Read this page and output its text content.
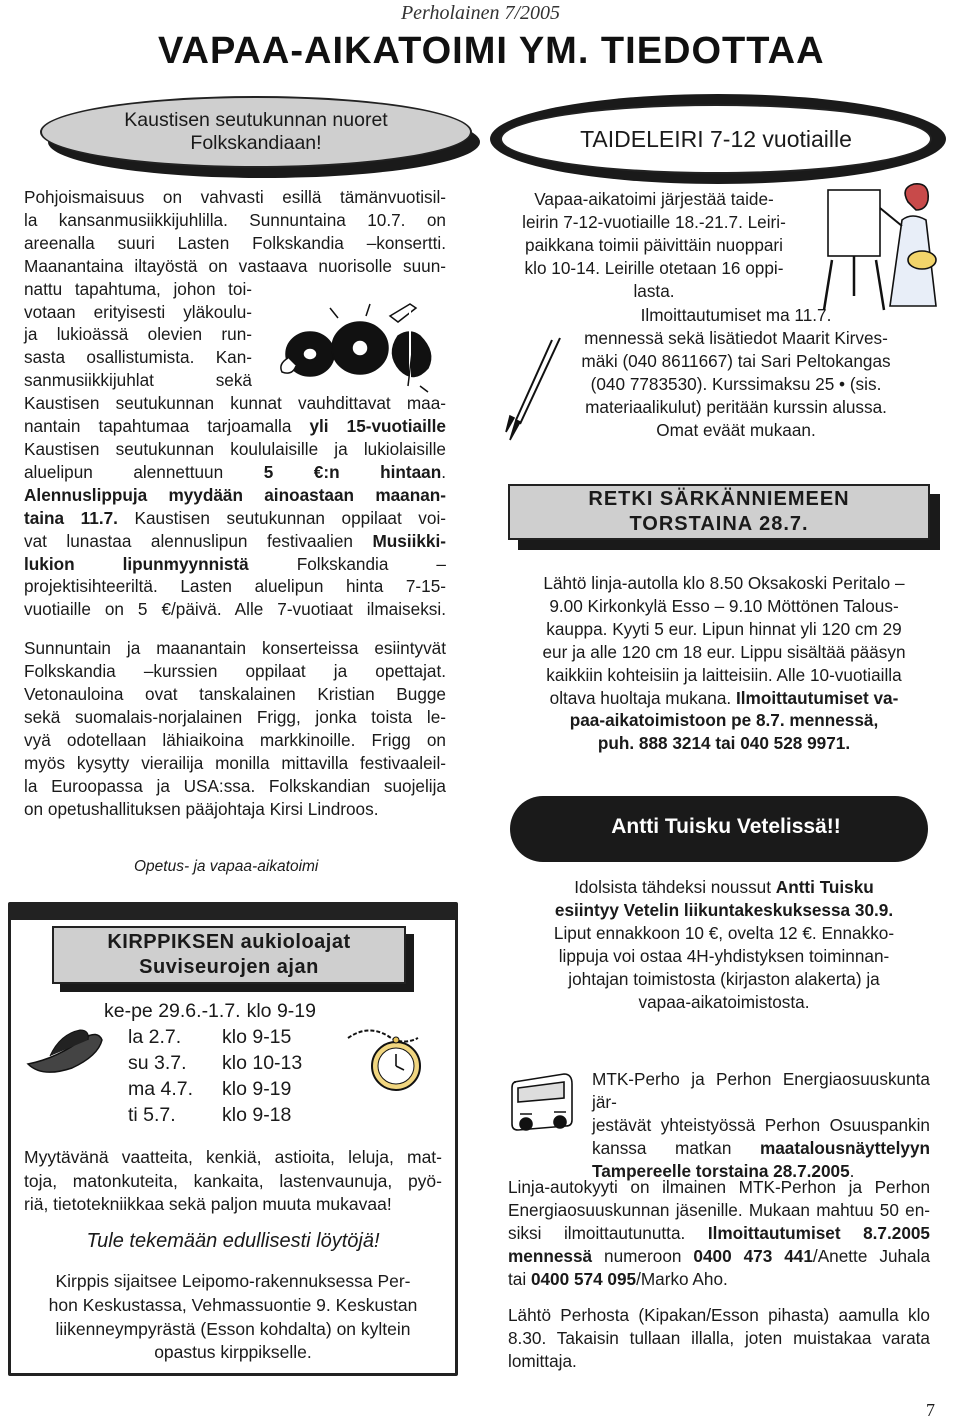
Perholainen 7/2005
VAPAA-AIKATOIMI YM. TIEDOTTAA
Kaustisen seutukunnan nuoret
Folkskandiaan!

Pohjoismaisuus on vahvasti esillä tämänvuotisil-

la kansanmusiikkijuhlilla. Sunnuntaina 10.7. on

areenalla suuri Lasten Folkskandia –konsertti.

Maanantaina iltayöstä on vastaava nuorisolle suun-

nattu tapahtuma, johon toi-

votaan erityisesti yläkoulu-

ja lukioässä olevien run-

sasta osallistumista. Kan-

sanmusiikkijuhlat sekä

Kaustisen seutukunnan kunnat vauhdittavat maa-

nantain tapahtumaa tarjoamalla yli 15-vuotiaille

Kaustisen seutukunnan koululaisille ja lukiolaisille

aluelipun alennettuun 5 €:n hintaan.

Alennuslippuja myydään ainoastaan maanan-

taina 11.7. Kaustisen seutukunnan oppilaat voi-

vat lunastaa alennuslipun festivaalien Musiikki-

lukion lipunmyynnistä Folkskandia –

projektisihteeriltä. Lasten aluelipun hinta 7-15-

vuotiaille on 5 €/päivä. Alle 7-vuotiaat ilmaiseksi.

Sunnuntain ja maanantain konserteissa esiintyvät

Folkskandia –kurssien oppilaat ja opettajat.

Vetonauloina ovat tanskalainen Kristian Bugge

sekä suomalais-norjalainen Frigg, jonka toista le-

vyä odotellaan lähiaikoina markkinoille. Frigg on

myös kysytty vierailija monilla mittavilla festivaaleil-

la Euroopassa ja USA:ssa. Folkskandian suojelija

on opetushallituksen pääjohtaja Kirsi Lindroos.

Opetus- ja vapaa-aikatoimi
KIRPPIKSEN aukioloajat
Suviseurojen ajan
ke-pe 29.6.-1.7. klo 9-19
la 2.7.	klo 9-15
su 3.7.	klo 10-13
ma 4.7.	klo 9-19
ti 5.7.	klo 9-18

Myytävänä vaatteita, kenkiä, astioita, leluja, mat-

toja, matonkuteita, kankaita, lastenvaunuja, pyö-

riä, tietotekniikkaa sekä paljon muuta mukavaa!

Tule tekemään edullisesti löytöjä!

Kirppis sijaitsee Leipomo-rakennuksessa Per-

hon Keskustassa, Vehmassuontie 9. Keskustan

liikenneympyrästä (Esson kohdalta) on kyltein

opastus kirppikselle.

TAIDELEIRI 7-12 vuotiaille

Vapaa-aikatoimi järjestää taide-

leirin 7-12-vuotiaille 18.-21.7. Leiri-

paikkana toimii päivittäin nuoppari

klo 10-14. Leirille otetaan 16 oppi-

lasta.

Ilmoittautumiset ma 11.7.

mennessä sekä lisätiedot Maarit Kirves-

mäki (040 8611667) tai Sari Peltokangas

(040 7783530). Kurssimaksu 25 • (sis.

materiaalikulut) peritään kurssin alussa.

Omat eväät mukaan.

RETKI SÄRKÄNNIEMEEN
TORSTAINA 28.7.

Lähtö linja-autolla klo 8.50 Oksakoski Peritalo –

9.00 Kirkonkylä Esso – 9.10 Möttönen Talous-

kauppa. Kyyti 5 eur. Lipun hinnat yli 120 cm 29

eur ja alle 120 cm 18 eur. Lippu sisältää pääsyn

kaikkiin kohteisiin ja laitteisiin. Alle 10-vuotiailla

oltava huoltaja mukana. Ilmoittautumiset va-

paa-aikatoimistoon pe 8.7. mennessä,

puh. 888 3214 tai 040 528 9971.

Antti Tuisku Vetelissä!!

Idolsista tähdeksi noussut Antti Tuisku

esiintyy Vetelin liikuntakeskuksessa 30.9.

Liput ennakkoon 10 €, ovelta 12 €. Ennakko-

lippuja voi ostaa 4H-yhdistyksen toiminnan-

johtajan toimistosta (kirjaston alakerta) ja

vapaa-aikatoimistosta.

MTK-Perho ja Perhon Energiaosuuskunta jär-

jestävät yhteistyössä Perhon Osuuspankin

kanssa matkan maatalousnäyttelyyn

Tampereelle torstaina 28.7.2005.

Linja-autokyyti on ilmainen MTK-Perhon ja Perhon

Energiaosuuskunnan jäsenille. Mukaan mahtuu 50 en-

siksi ilmoittautunutta. Ilmoittautumiset 8.7.2005

mennessä numeroon 0400 473 441/Anette Juhala

tai 0400 574 095/Marko Aho.

Lähtö Perhosta (Kipakan/Esson pihasta) aamulla klo

8.30. Takaisin tullaan illalla, joten muistakaa varata

lomittaja.

7
